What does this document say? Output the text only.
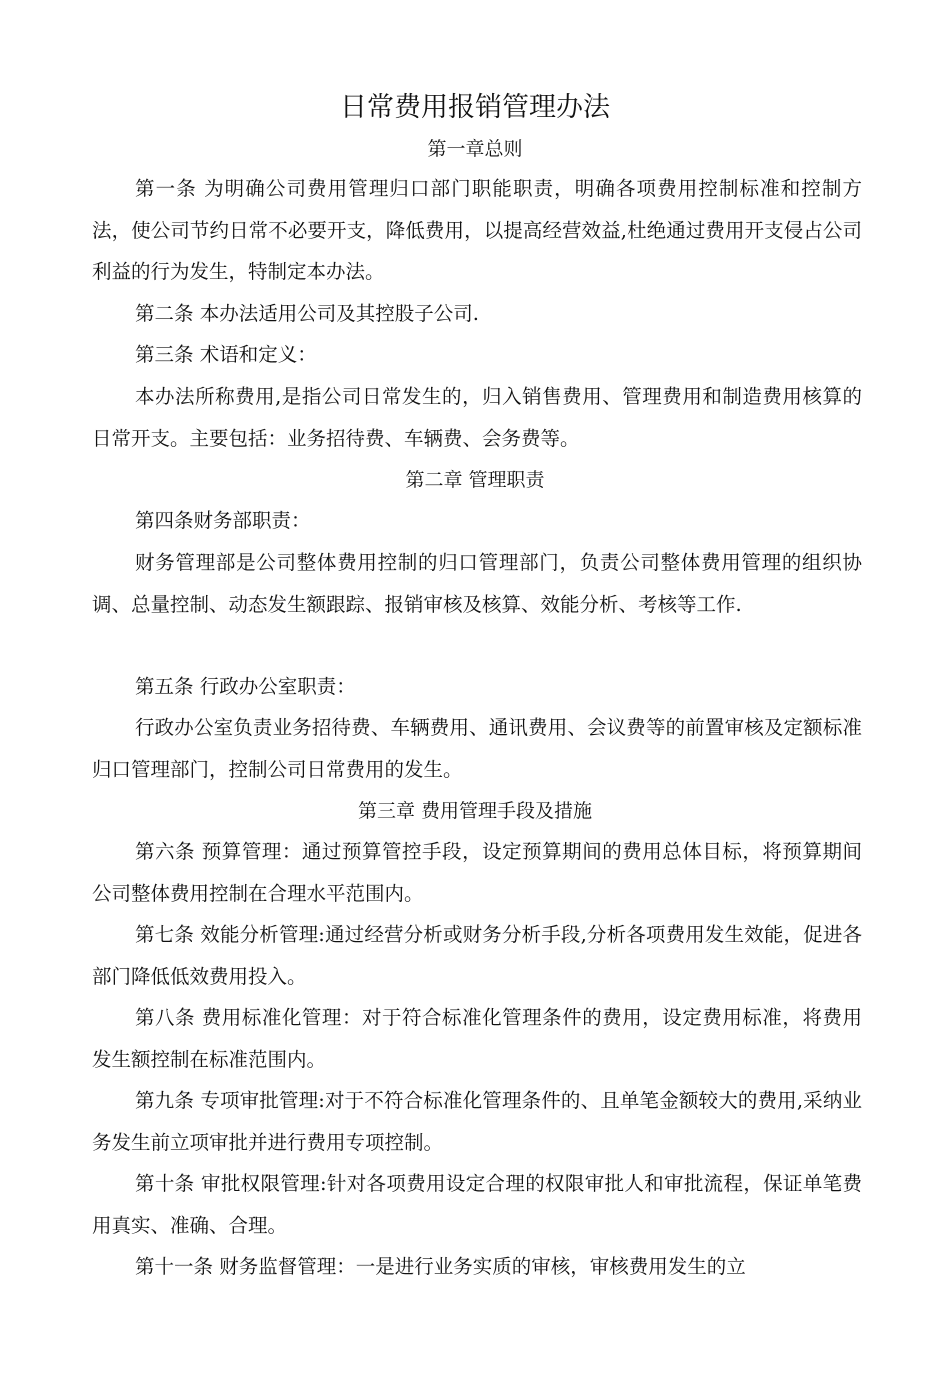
日常费用报销管理办法
第一章总则

第一条 为明确公司费用管理归口部门职能职责，明确各项费用控制标准和控制方法，使公司节约日常不必要开支，降低费用，以提高经营效益,杜绝通过费用开支侵占公司利益的行为发生，特制定本办法。

第二条 本办法适用公司及其控股子公司.

第三条 术语和定义：

本办法所称费用,是指公司日常发生的，归入销售费用、管理费用和制造费用核算的日常开支。主要包括：业务招待费、车辆费、会务费等。

第二章 管理职责

第四条财务部职责：

财务管理部是公司整体费用控制的归口管理部门，负责公司整体费用管理的组织协调、总量控制、动态发生额跟踪、报销审核及核算、效能分析、考核等工作.

第五条 行政办公室职责：

行政办公室负责业务招待费、车辆费用、通讯费用、会议费等的前置审核及定额标准归口管理部门，控制公司日常费用的发生。

第三章 费用管理手段及措施

第六条 预算管理：通过预算管控手段，设定预算期间的费用总体目标，将预算期间公司整体费用控制在合理水平范围内。

第七条 效能分析管理:通过经营分析或财务分析手段,分析各项费用发生效能，促进各部门降低低效费用投入。

第八条 费用标准化管理：对于符合标准化管理条件的费用，设定费用标准，将费用发生额控制在标准范围内。

第九条 专项审批管理:对于不符合标准化管理条件的、且单笔金额较大的费用,采纳业务发生前立项审批并进行费用专项控制。

第十条 审批权限管理:针对各项费用设定合理的权限审批人和审批流程，保证单笔费用真实、准确、合理。

第十一条 财务监督管理：一是进行业务实质的审核，审核费用发生的立
